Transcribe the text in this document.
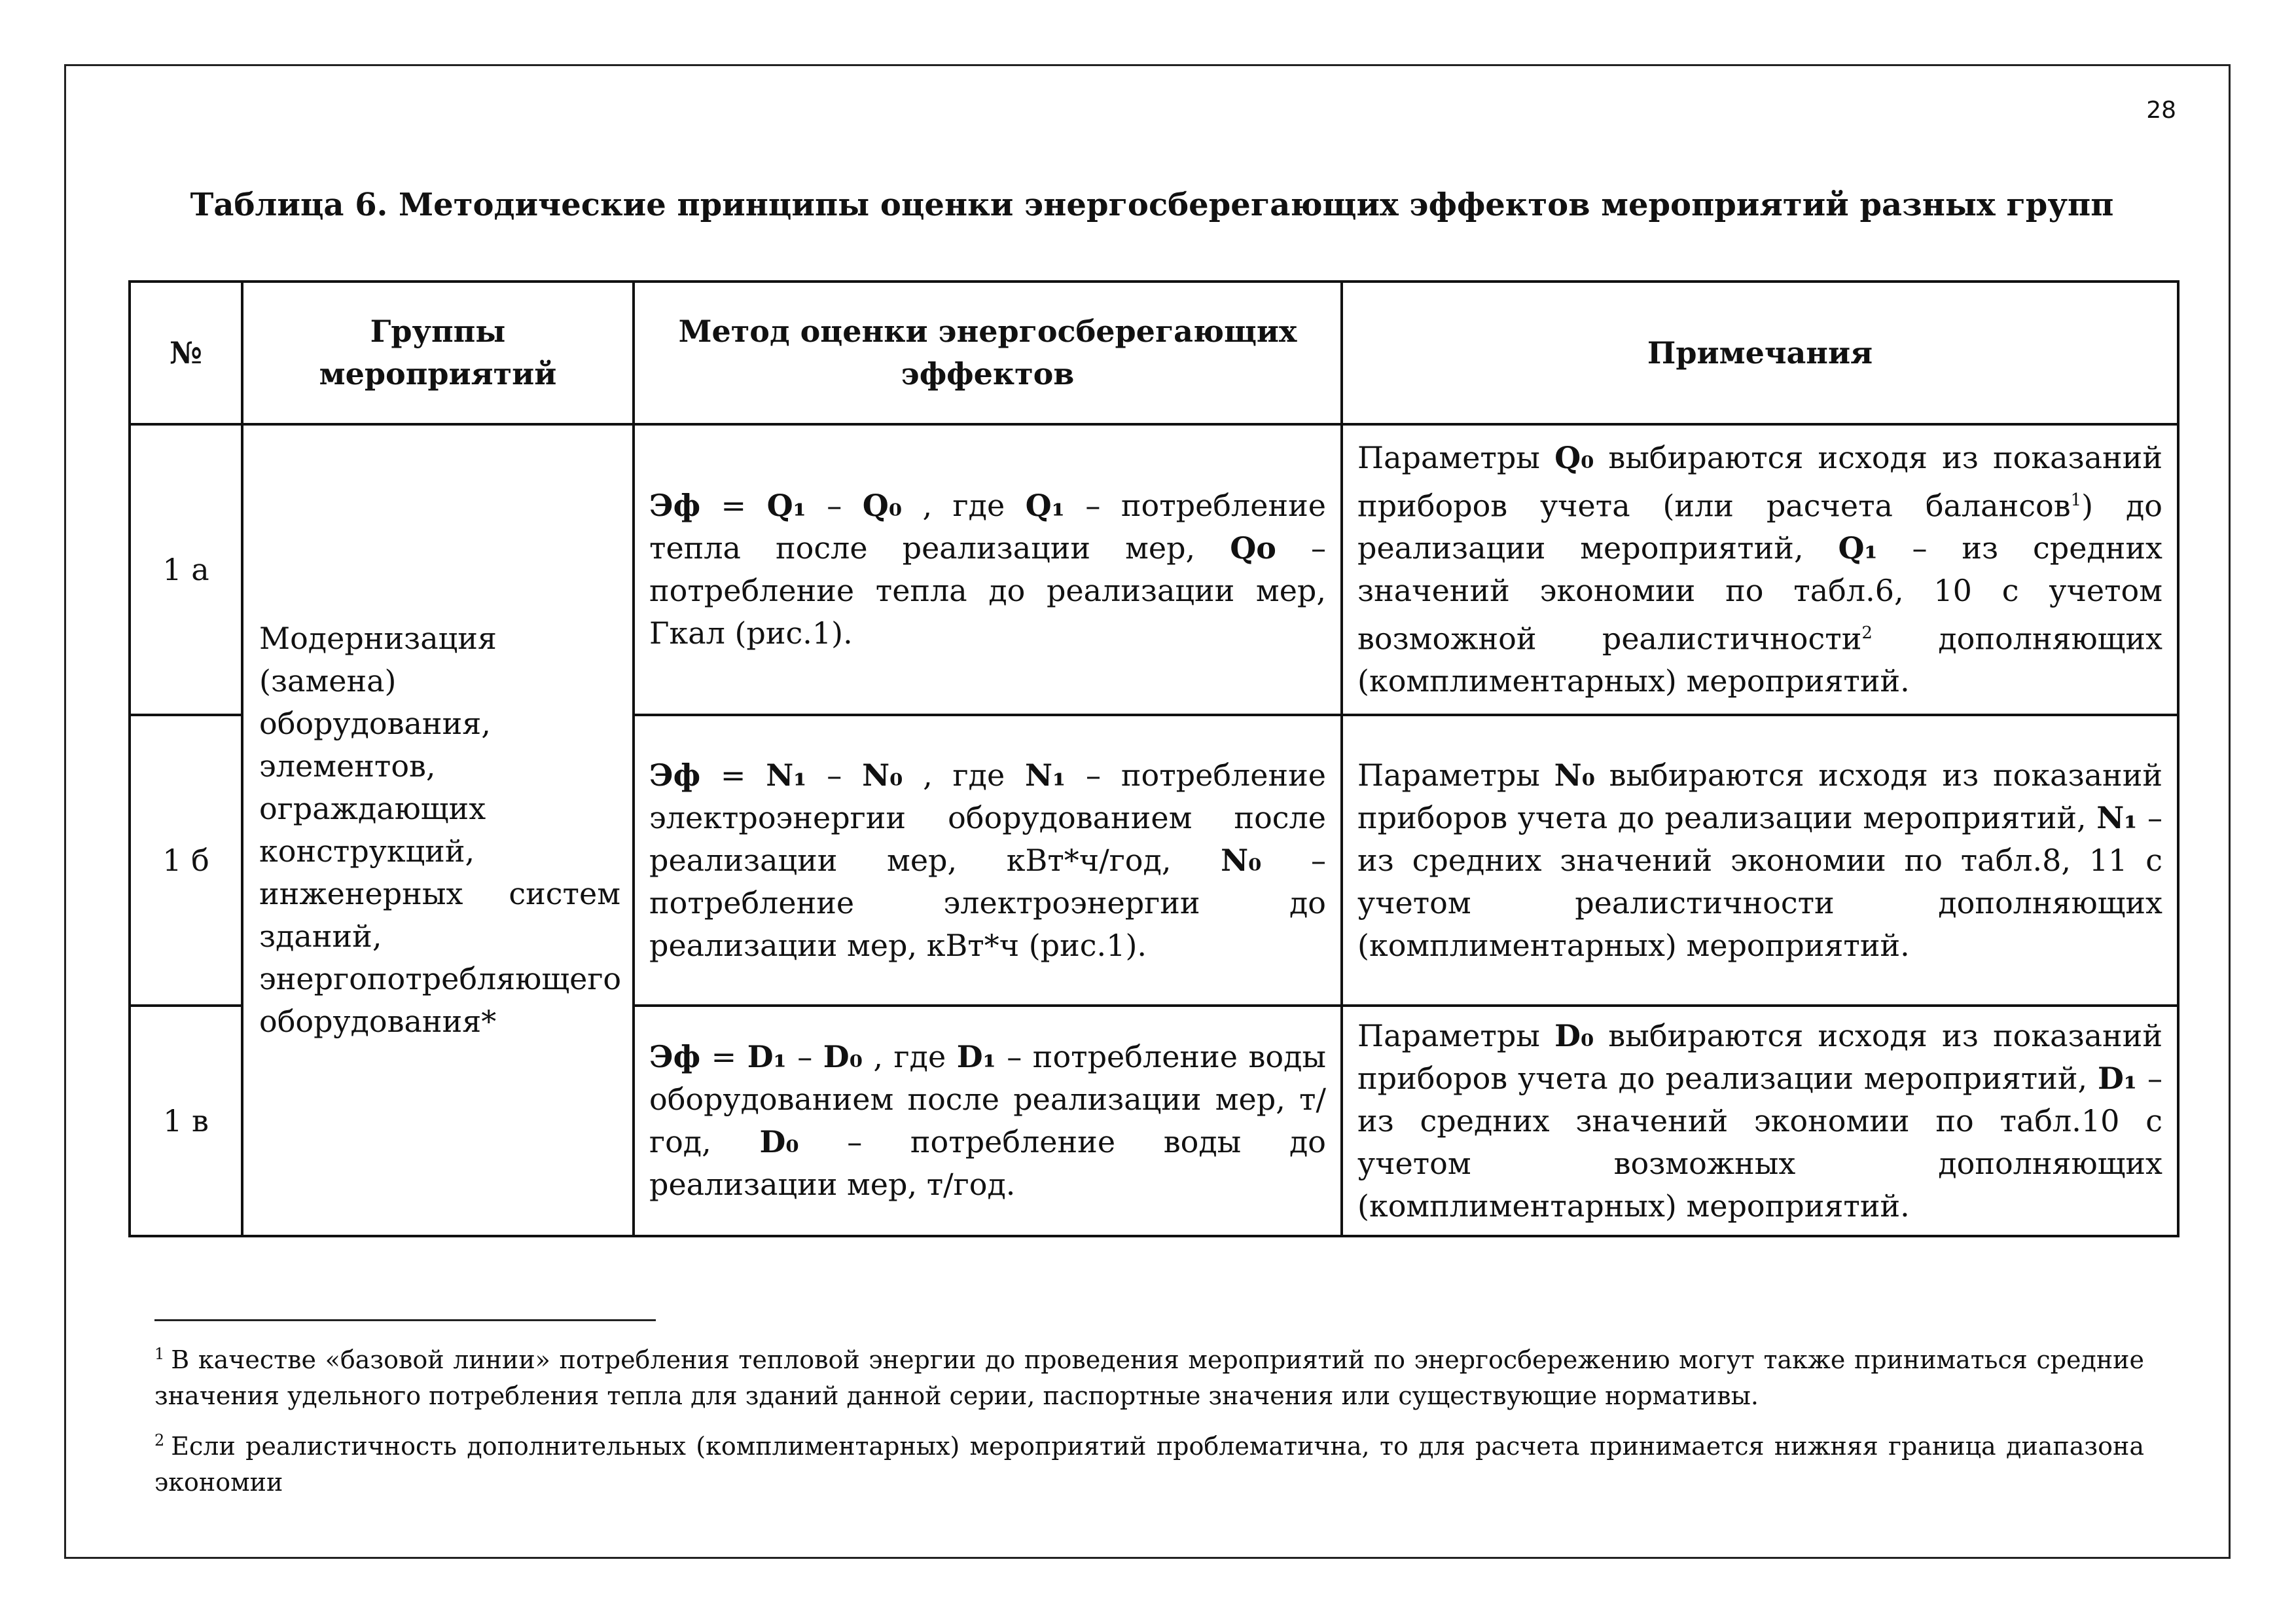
28
Таблица 6. Методические принципы оценки энергосберегающих эффектов мероприятий разных групп
№	Группы мероприятий	Метод оценки энергосберегающих эффектов	Примечания
1 а	Модернизация (замена) оборудования, элементов, ограждающих конструкций, инженерных систем зданий, энергопотребляющего оборудования*	Эф = Q₁ – Q₀ , где Q₁ – потребление тепла после реализации мер, Qo – потребление тепла до реализации мер, Гкал (рис.1).	Параметры Q₀ выбираются исходя из показаний приборов учета (или расчета балансов$^1$) до реализации мероприятий, Q₁ – из средних значений экономии по табл.6, 10 с учетом возможной реалистичности$^2$ дополняющих (комплиментарных) мероприятий.
1 б		Эф = N₁ – N₀ , где N₁ – потребление электроэнергии оборудованием после реализации мер, кВт*ч/год, N₀ – потребление электроэнергии до реализации мер, кВт*ч (рис.1).	Параметры N₀ выбираются исходя из показаний приборов учета до реализации мероприятий, N₁ – из средних значений экономии по табл.8, 11 с учетом реалистичности дополняющих (комплиментарных) мероприятий.
1 в		Эф = D₁ – D₀ , где D₁ – потребление воды оборудованием после реализации мер, т/год, D₀ – потребление воды до реализации мер, т/год.	Параметры D₀ выбираются исходя из показаний приборов учета до реализации мероприятий, D₁ – из средних значений экономии по табл.10 с учетом возможных дополняющих (комплиментарных) мероприятий.
$^1$ В качестве «базовой линии» потребления тепловой энергии до проведения мероприятий по энергосбережению могут также приниматься средние значения удельного потребления тепла для зданий данной серии, паспортные значения или существующие нормативы.
$^2$ Если реалистичность дополнительных (комплиментарных) мероприятий проблематична, то для расчета принимается нижняя граница диапазона экономии
